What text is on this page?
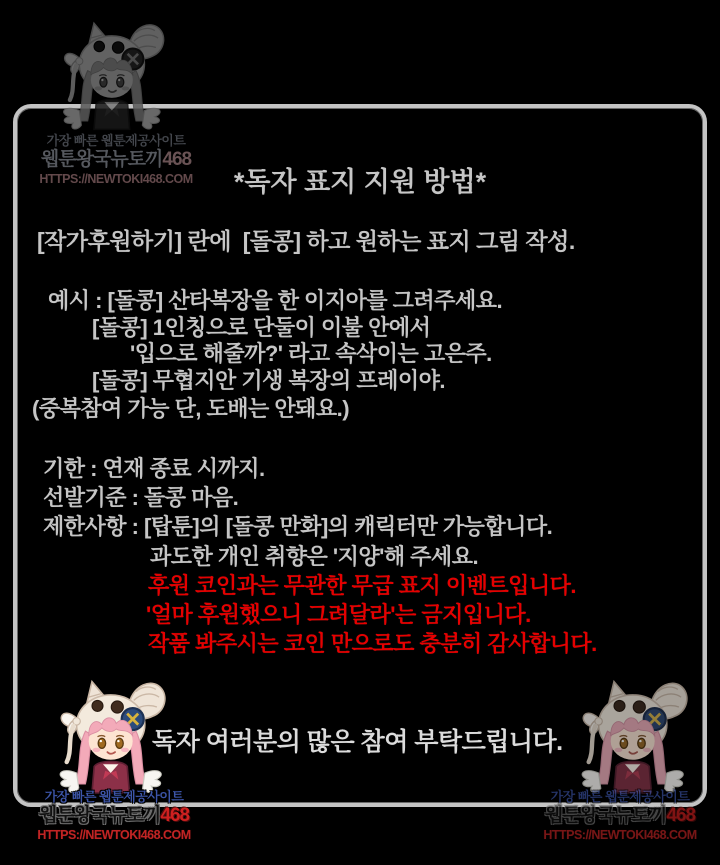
가장 빠른 웹툰제공사이트
웹툰왕국뉴토끼468
HTTPS://NEWTOKI468.COM	*독자 표지 지원 방법*
[작가후원하기] 란에  [돌콩] 하고 원하는 표지 그림 작성.
예시 : [돌콩] 산타복장을 한 이지아를 그려주세요.
[돌콩] 1인칭으로 단둘이 이불 안에서
'입으로 해줄까?' 라고 속삭이는 고은주.
[돌콩] 무협지안 기생 복장의 프레이야.
(중복참여 가능 단, 도배는 안돼요.)
기한 : 연재 종료 시까지.
선발기준 : 돌콩 마음.
제한사항 : [탑툰]의 [돌콩 만화]의 캐릭터만 가능합니다.
과도한 개인 취향은 '지양'해 주세요.
후원 코인과는 무관한 무급 표지 이벤트입니다.
'얼마 후원했으니 그려달라'는 금지입니다.
작품 봐주시는 코인 만으로도 충분히 감사합니다.
독자 여러분의 많은 참여 부탁드립니다.
가장 빠른 웹툰제공사이트
웹툰왕국뉴토끼468
HTTPS://NEWTOKI468.COM
가장 빠른 웹툰제공사이트
웹툰왕국뉴토끼468
HTTPS://NEWTOKI468.COM
